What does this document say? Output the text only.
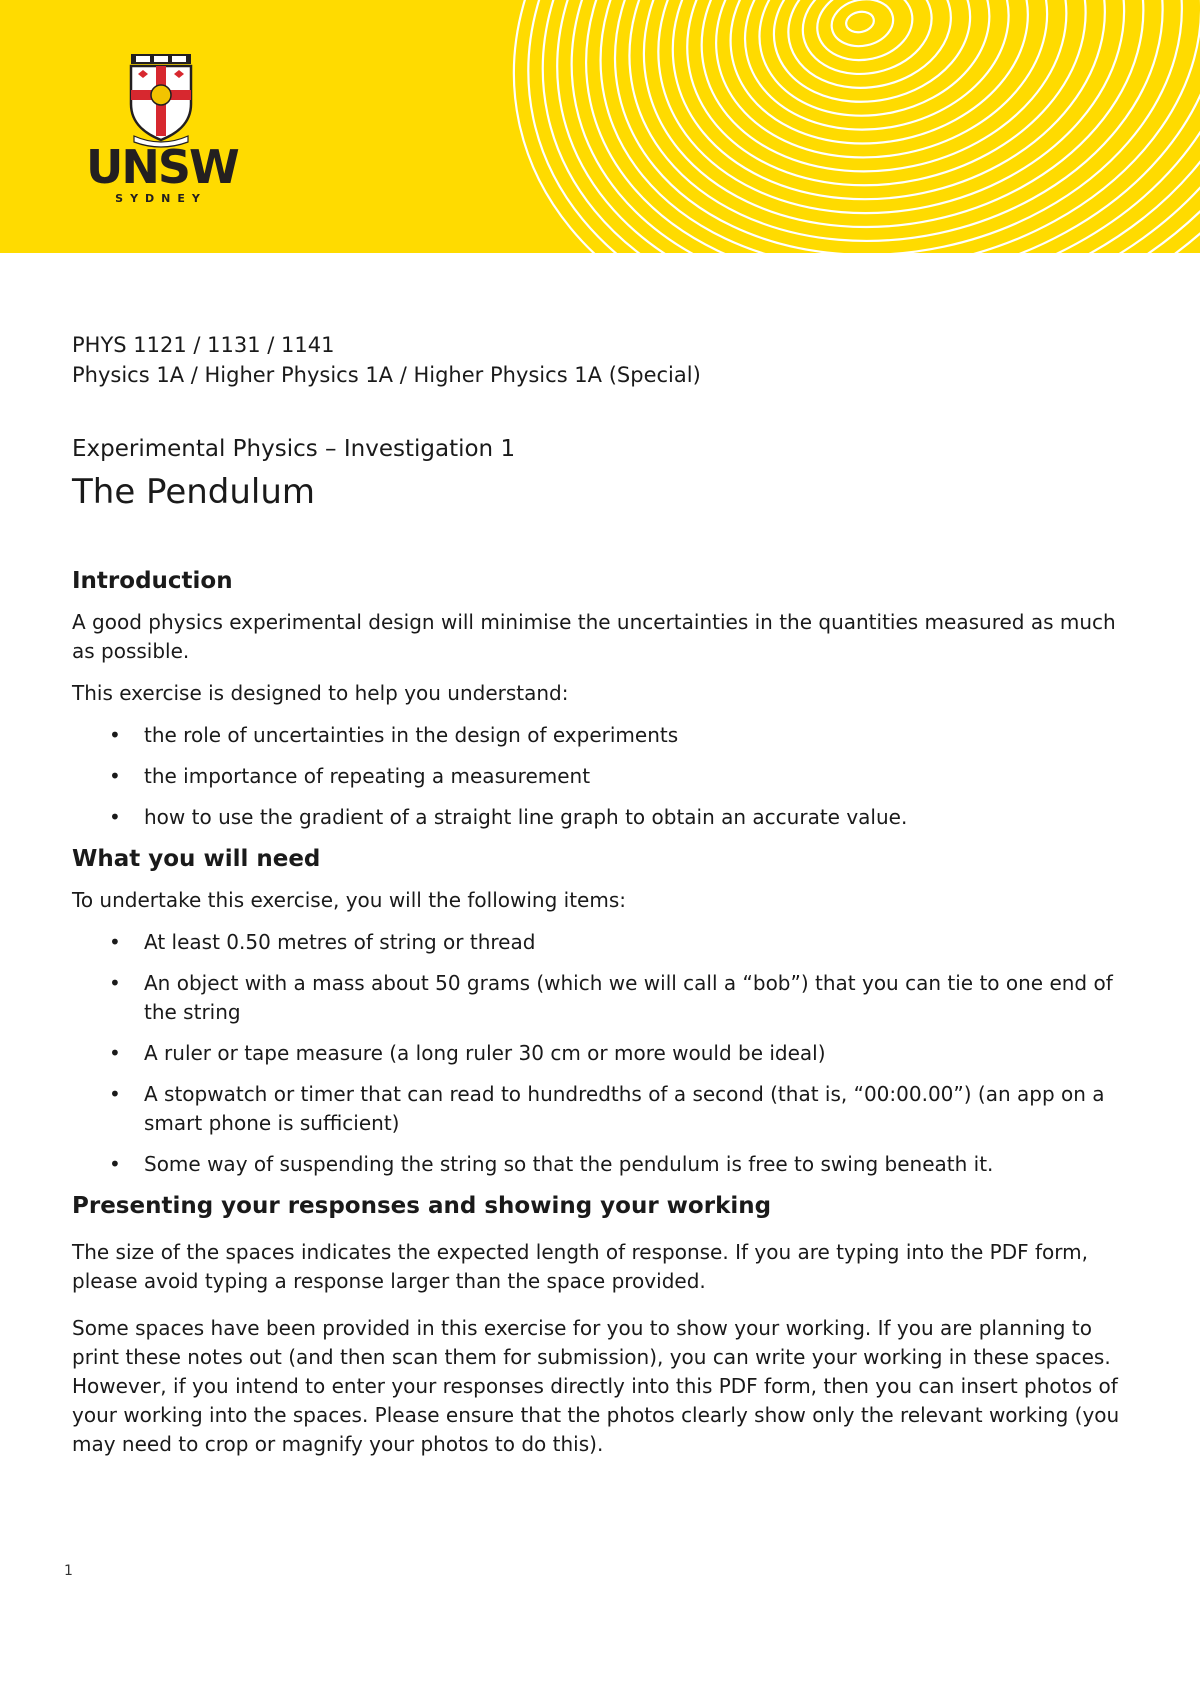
UNSW
SYDNEY

PHYS 1121 / 1131 / 1141

Physics 1A / Higher Physics 1A / Higher Physics 1A (Special)

Experimental Physics – Investigation 1
The Pendulum
Introduction

A good physics experimental design will minimise the uncertainties in the quantities measured as much as possible.

This exercise is designed to help you understand:

• the role of uncertainties in the design of experiments
• the importance of repeating a measurement
• how to use the gradient of a straight line graph to obtain an accurate value.
What you will need

To undertake this exercise, you will the following items:

• At least 0.50 metres of string or thread
• An object with a mass about 50 grams (which we will call a “bob”) that you can tie to one end of the string
• A ruler or tape measure (a long ruler 30 cm or more would be ideal)
• A stopwatch or timer that can read to hundredths of a second (that is, “00:00.00”) (an app on a smart phone is sufficient)
• Some way of suspending the string so that the pendulum is free to swing beneath it.
Presenting your responses and showing your working

The size of the spaces indicates the expected length of response. If you are typing into the PDF form, please avoid typing a response larger than the space provided.

Some spaces have been provided in this exercise for you to show your working. If you are planning to print these notes out (and then scan them for submission), you can write your working in these spaces. However, if you intend to enter your responses directly into this PDF form, then you can insert photos of your working into the spaces. Please ensure that the photos clearly show only the relevant working (you may need to crop or magnify your photos to do this).

1
